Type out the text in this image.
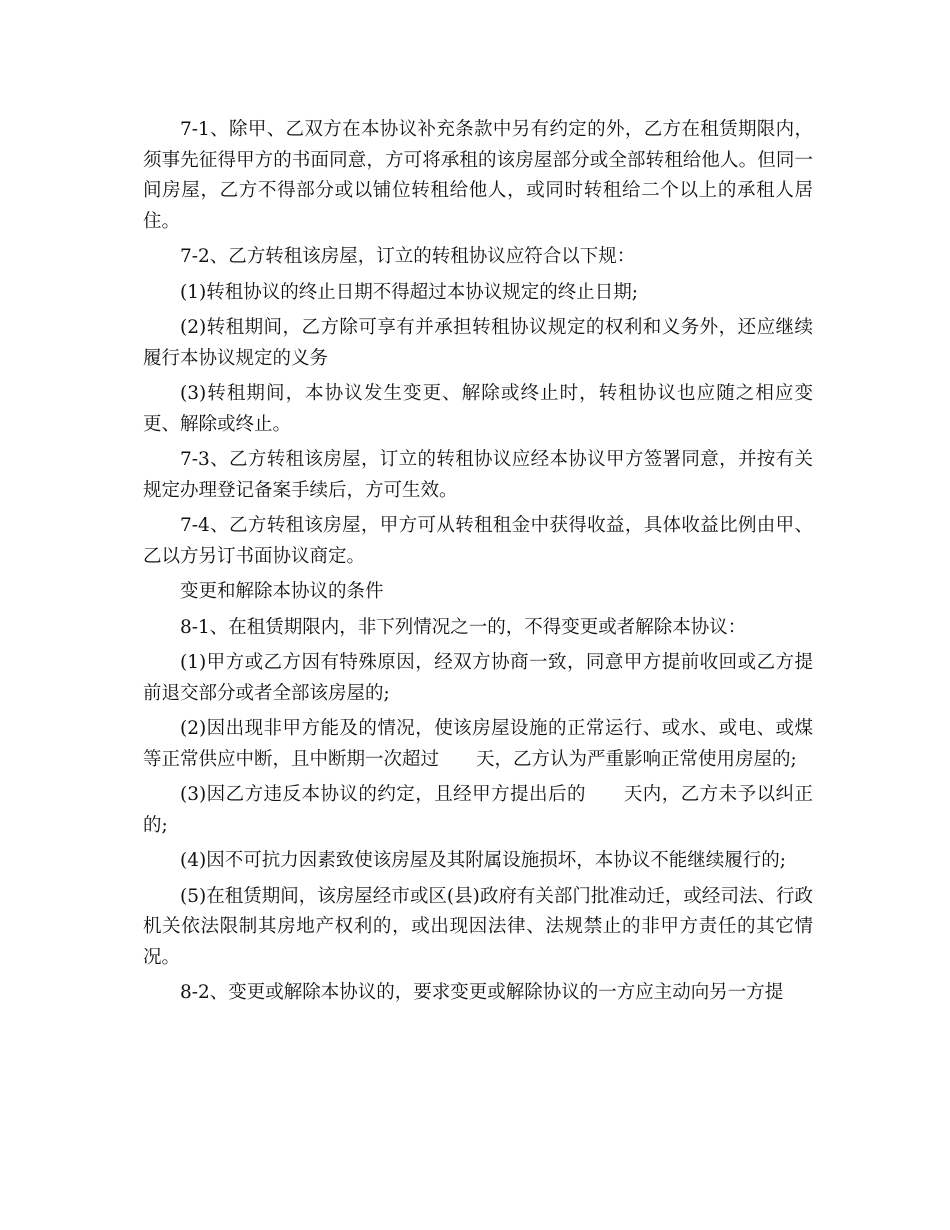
7-1、除甲、乙双方在本协议补充条款中另有约定的外，乙方在租赁期限内，须事先征得甲方的书面同意，方可将承租的该房屋部分或全部转租给他人。但同一间房屋，乙方不得部分或以铺位转租给他人，或同时转租给二个以上的承租人居住。

7-2、乙方转租该房屋，订立的转租协议应符合以下规：

(1)转租协议的终止日期不得超过本协议规定的终止日期;

(2)转租期间，乙方除可享有并承担转租协议规定的权利和义务外，还应继续履行本协议规定的义务

(3)转租期间，本协议发生变更、解除或终止时，转租协议也应随之相应变更、解除或终止。

7-3、乙方转租该房屋，订立的转租协议应经本协议甲方签署同意，并按有关规定办理登记备案手续后，方可生效。

7-4、乙方转租该房屋，甲方可从转租租金中获得收益，具体收益比例由甲、乙以方另订书面协议商定。

变更和解除本协议的条件

8-1、在租赁期限内，非下列情况之一的，不得变更或者解除本协议：

(1)甲方或乙方因有特殊原因，经双方协商一致，同意甲方提前收回或乙方提前退交部分或者全部该房屋的;

(2)因出现非甲方能及的情况，使该房屋设施的正常运行、或水、或电、或煤等正常供应中断，且中断期一次超过　　天，乙方认为严重影响正常使用房屋的;

(3)因乙方违反本协议的约定，且经甲方提出后的　　天内，乙方未予以纠正的;

(4)因不可抗力因素致使该房屋及其附属设施损坏，本协议不能继续履行的;

(5)在租赁期间，该房屋经市或区(县)政府有关部门批准动迁，或经司法、行政机关依法限制其房地产权利的，或出现因法律、法规禁止的非甲方责任的其它情况。

8-2、变更或解除本协议的，要求变更或解除协议的一方应主动向另一方提
